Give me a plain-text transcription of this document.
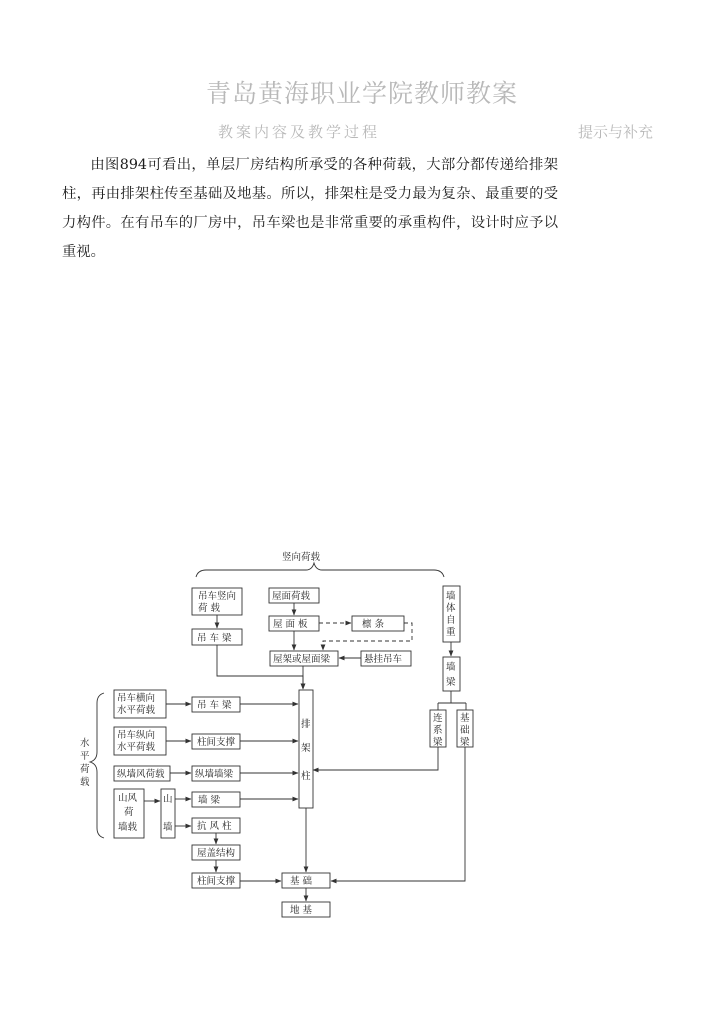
青岛黄海职业学院教师教案
教案内容及教学过程	提示与补充

由图894可看出，单层厂房结构所承受的各种荷载，大部分都传递给排架柱，再由排架柱传至基础及地基。所以，排架柱是受力最为复杂、最重要的受力构件。在有吊车的厂房中，吊车梁也是非常重要的承重构件，设计时应予以重视。

竖向荷载
水
平
荷
载
吊车竖向
荷 载
吊 车 梁
屋面荷载
屋 面 板	檩 条
屋架或屋面梁	悬挂吊车
墙
体
自
重
墙
梁
连
系
梁
基
础
梁
排
架
柱
吊车横向
水平荷载	吊 车 梁
吊车纵向
水平荷载	柱间支撑
纵墙风荷载	纵墙墙梁
山风
荷
墙载
山
墙
墙 梁
抗 风 柱
屋盖结构
柱间支撑	基 础
地 基
